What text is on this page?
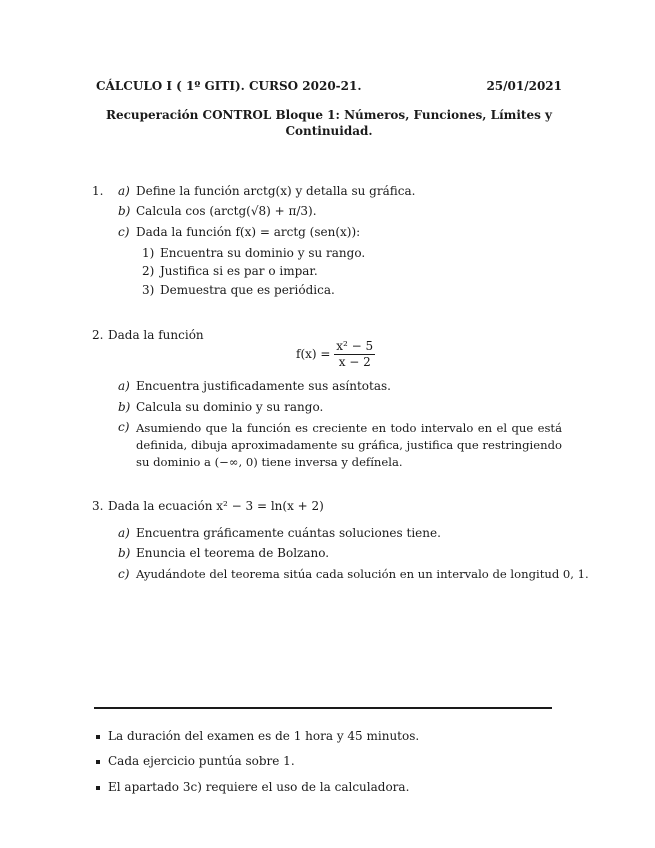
CÁLCULO I ( 1º GITI). CURSO 2020-21.	25/01/2021
Recuperación CONTROL Bloque 1: Números, Funciones, Límites y
Continuidad.
1. a) Define la función arctg(x) y detalla su gráfica.
b) Calcula cos (arctg(√8) + π/3).
c) Dada la función f(x) = arctg (sen(x)):
1) Encuentra su dominio y su rango.
2) Justifica si es par o impar.
3) Demuestra que es periódica.
2. Dada la función
$f(x) = \frac{\text{x² − 5}}{x - 2}$
a) Encuentra justificadamente sus asíntotas.
b) Calcula su dominio y su rango.
c) Asumiendo que la función es creciente en todo intervalo en el que está definida, dibuja aproximadamente su gráfica, justifica que restringiendo su dominio a (−∞, 0) tiene inversa y defínela.
3. Dada la ecuación x² − 3 = ln(x + 2)
a) Encuentra gráficamente cuántas soluciones tiene.
b) Enuncia el teorema de Bolzano.
c) Ayudándote del teorema sitúa cada solución en un intervalo de longitud 0, 1.
La duración del examen es de 1 hora y 45 minutos.
Cada ejercicio puntúa sobre 1.
El apartado 3c) requiere el uso de la calculadora.
